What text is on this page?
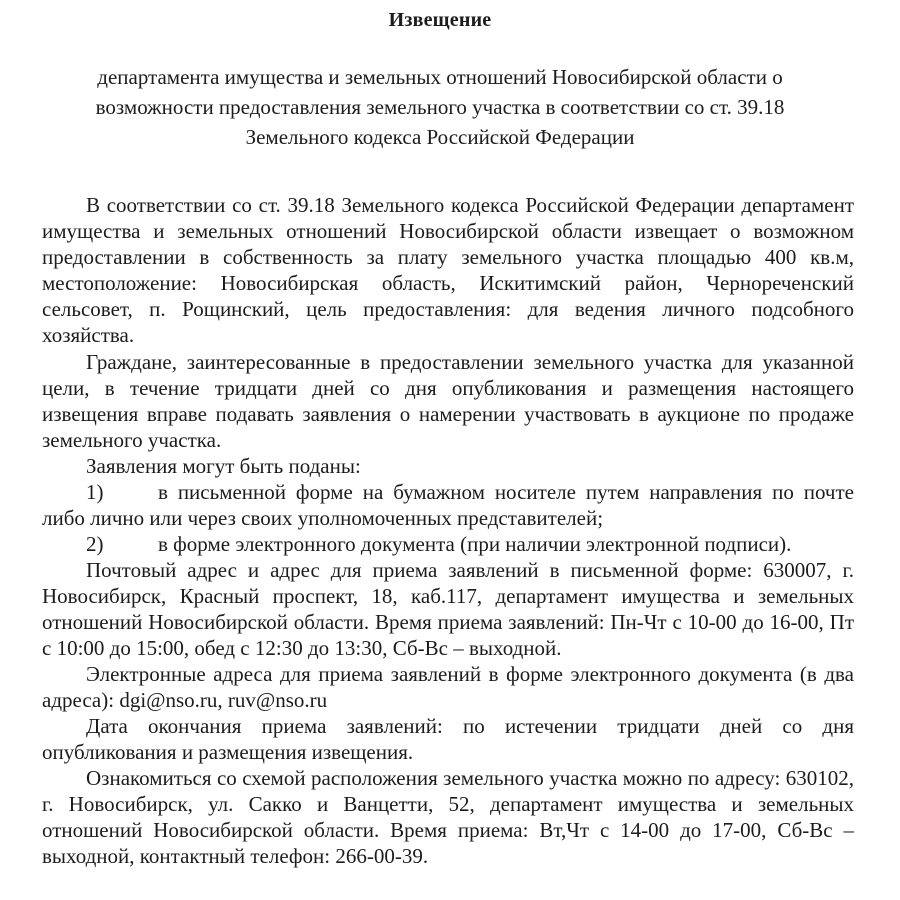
Извещение
департамента имущества и земельных отношений Новосибирской области о
возможности предоставления земельного участка в соответствии со ст. 39.18
Земельного кодекса Российской Федерации

В соответствии со ст. 39.18 Земельного кодекса Российской Федерации департамент имущества и земельных отношений Новосибирской области извещает о возможном предоставлении в собственность за плату земельного участка площадью 400 кв.м, местоположение: Новосибирская область, Искитимский район, Чернореченский сельсовет, п. Рощинский, цель предоставления: для ведения личного подсобного хозяйства.

Граждане, заинтересованные в предоставлении земельного участка для указанной цели, в течение тридцати дней со дня опубликования и размещения настоящего извещения вправе подавать заявления о намерении участвовать в аукционе по продаже земельного участка.

Заявления могут быть поданы:

1)	в письменной форме на бумажном носителе путем направления по почте либо лично или через своих уполномоченных представителей;

2)	в форме электронного документа (при наличии электронной подписи).

Почтовый адрес и адрес для приема заявлений в письменной форме: 630007, г. Новосибирск, Красный проспект, 18, каб.117, департамент имущества и земельных отношений Новосибирской области. Время приема заявлений: Пн-Чт с 10-00 до 16-00, Пт с 10:00 до 15:00, обед с 12:30 до 13:30, Сб-Вс – выходной.

Электронные адреса для приема заявлений в форме электронного документа (в два адреса): dgi@nso.ru, ruv@nso.ru

Дата окончания приема заявлений: по истечении тридцати дней со дня опубликования и размещения извещения.

Ознакомиться со схемой расположения земельного участка можно по адресу: 630102, г. Новосибирск, ул. Сакко и Ванцетти, 52, департамент имущества и земельных отношений Новосибирской области. Время приема: Вт,Чт с 14-00 до 17-00, Сб-Вс – выходной, контактный телефон: 266-00-39.
